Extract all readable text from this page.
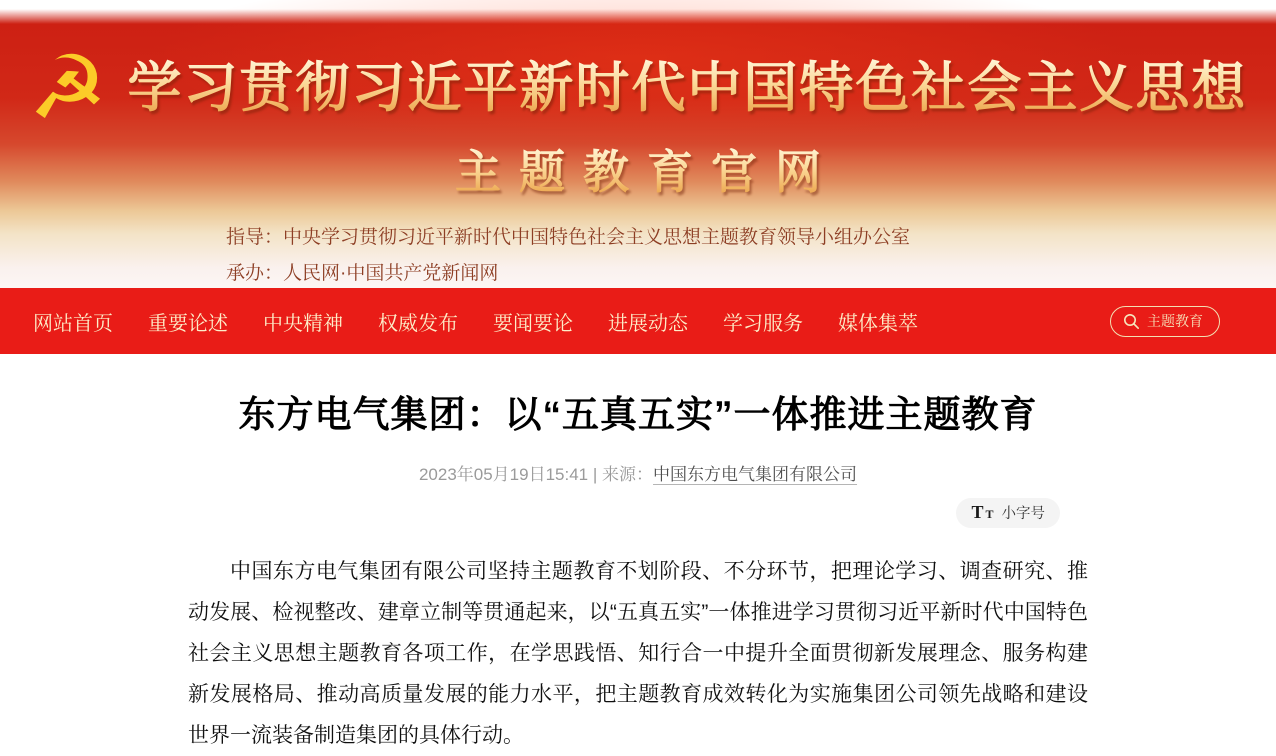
☭ 学习贯彻习近平新时代中国特色社会主义思想
主题教育官网
指导：中央学习贯彻习近平新时代中国特色社会主义思想主题教育领导小组办公室
承办：人民网·中国共产党新闻网
网站首页 重要论述 中央精神 权威发布 要闻要论 进展动态 学习服务 媒体集萃	主题教育
东方电气集团：以“五真五实”一体推进主题教育
2023年05月19日15:41 | 来源：中国东方电气集团有限公司
T T 小字号

中国东方电气集团有限公司坚持主题教育不划阶段、不分环节，把理论学习、调查研究、推动发展、检视整改、建章立制等贯通起来，以“五真五实”一体推进学习贯彻习近平新时代中国特色社会主义思想主题教育各项工作，在学思践悟、知行合一中提升全面贯彻新发展理念、服务构建新发展格局、推动高质量发展的能力水平，把主题教育成效转化为实施集团公司领先战略和建设世界一流装备制造集团的具体行动。
